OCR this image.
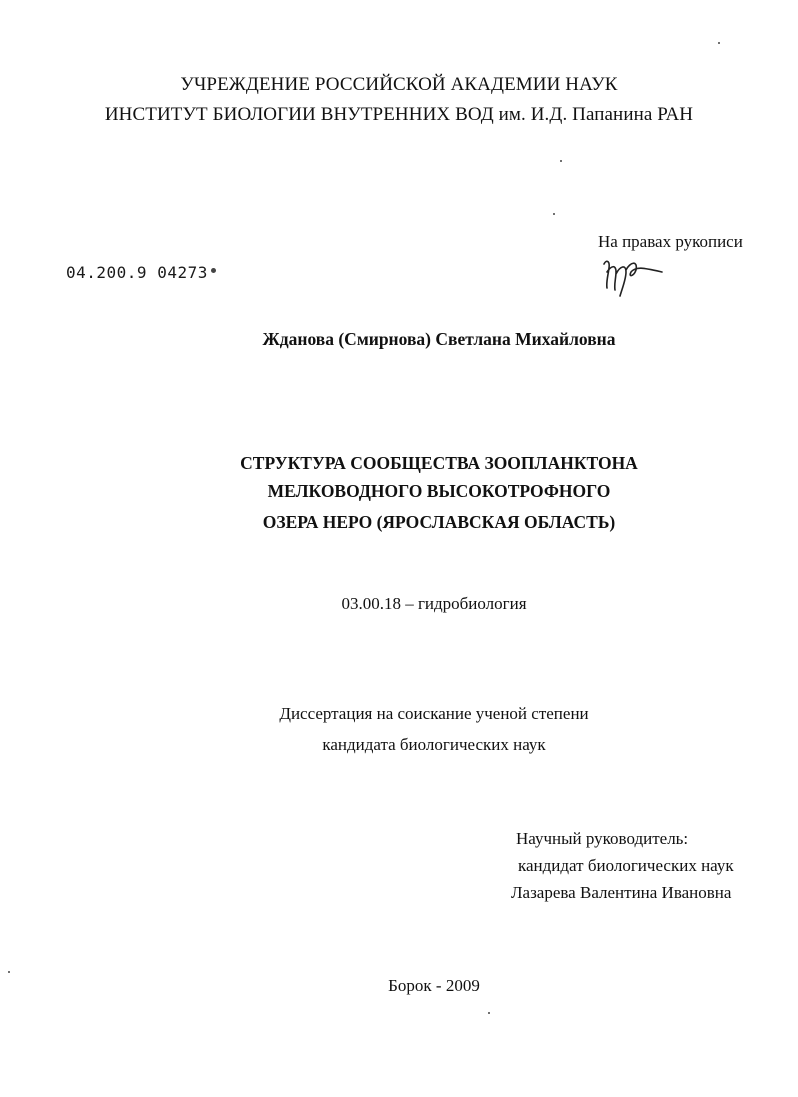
УЧРЕЖДЕНИЕ РОССИЙСКОЙ АКАДЕМИИ НАУК
ИНСТИТУТ БИОЛОГИИ ВНУТРЕННИХ ВОД им. И.Д. Папанина РАН
На правах рукописи
04.200.9 04273
Жданова (Смирнова) Светлана Михайловна
СТРУКТУРА СООБЩЕСТВА ЗООПЛАНКТОНА
МЕЛКОВОДНОГО ВЫСОКОТРОФНОГО
ОЗЕРА НЕРО (ЯРОСЛАВСКАЯ ОБЛАСТЬ)
03.00.18 – гидробиология
Диссертация на соискание ученой степени
кандидата биологических наук
Научный руководитель:
кандидат биологических наук
Лазарева Валентина Ивановна
Борок - 2009
